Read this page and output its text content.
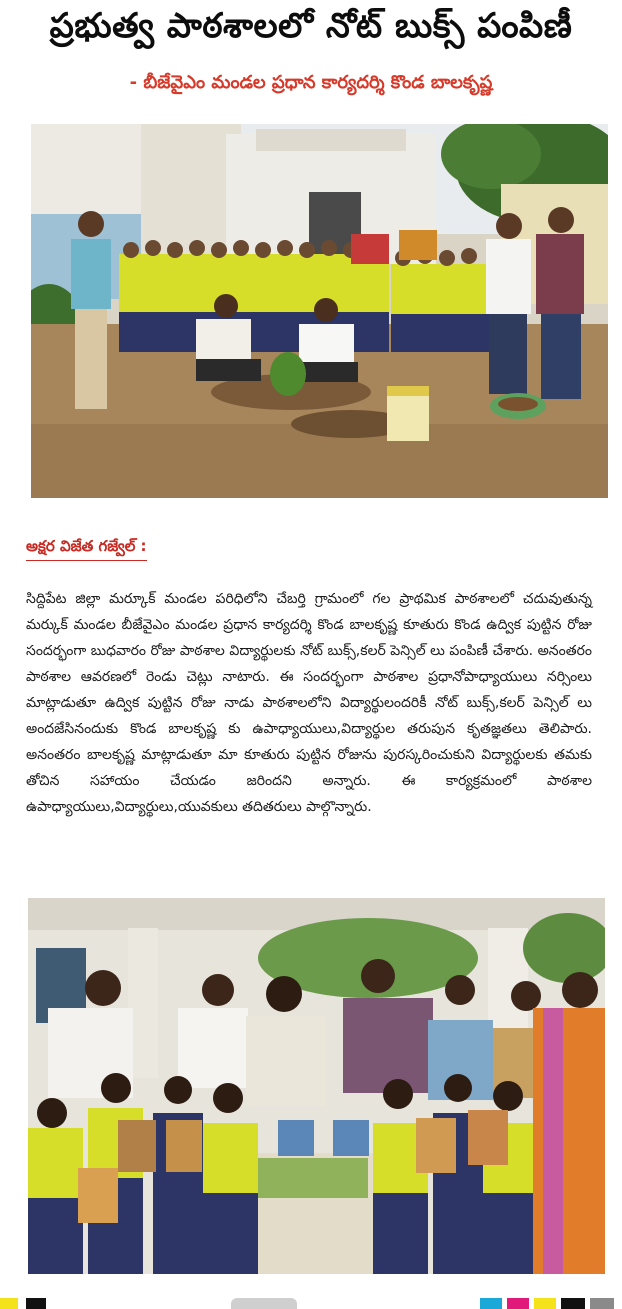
ప్రభుత్వ పాఠశాలలో నోట్ బుక్స్ పంపిణీ
- బీజేవైఎం మండల ప్రధాన కార్యదర్శి కొండ బాలకృష్ణ
అక్షర విజేత గజ్వేల్ :

సిద్దిపేట జిల్లా మర్కూక్ మండల పరిధిలోని చేబర్తి గ్రామంలో గల ప్రాథమిక పాఠశాలలో చదువుతున్న మర్కుక్ మండల బీజేవైఎం మండల ప్రధాన కార్యదర్శి కొండ బాలకృష్ణ కూతురు కొండ ఉద్విక పుట్టిన రోజు సందర్భంగా బుధవారం రోజు పాఠశాల విద్యార్థులకు నోట్ బుక్స్,కలర్ పెన్సిల్ లు పంపిణీ చేశారు. అనంతరం పాఠశాల ఆవరణలో రెండు చెట్లు నాటారు. ఈ సందర్భంగా పాఠశాల ప్రధానోపాధ్యాయులు నర్సింలు మాట్లాడుతూ ఉద్విక పుట్టిన రోజు నాడు పాఠశాలలోని విద్యార్థులందరికీ నోట్ బుక్స్,కలర్ పెన్సిల్ లు అందజేసినందుకు కొండ బాలకృష్ణ కు ఉపాధ్యాయులు,విద్యార్థుల తరుపున కృతజ్ఞతలు తెలిపారు. అనంతరం బాలకృష్ణ మాట్లాడుతూ మా కూతురు పుట్టిన రోజును పురస్కరించుకుని విద్యార్థులకు తమకు తోచిన సహాయం చేయడం జరిందని అన్నారు. ఈ కార్యక్రమంలో పాఠశాల ఉపాధ్యాయులు,విద్యార్థులు,యువకులు తదితరులు పాల్గొన్నారు.
